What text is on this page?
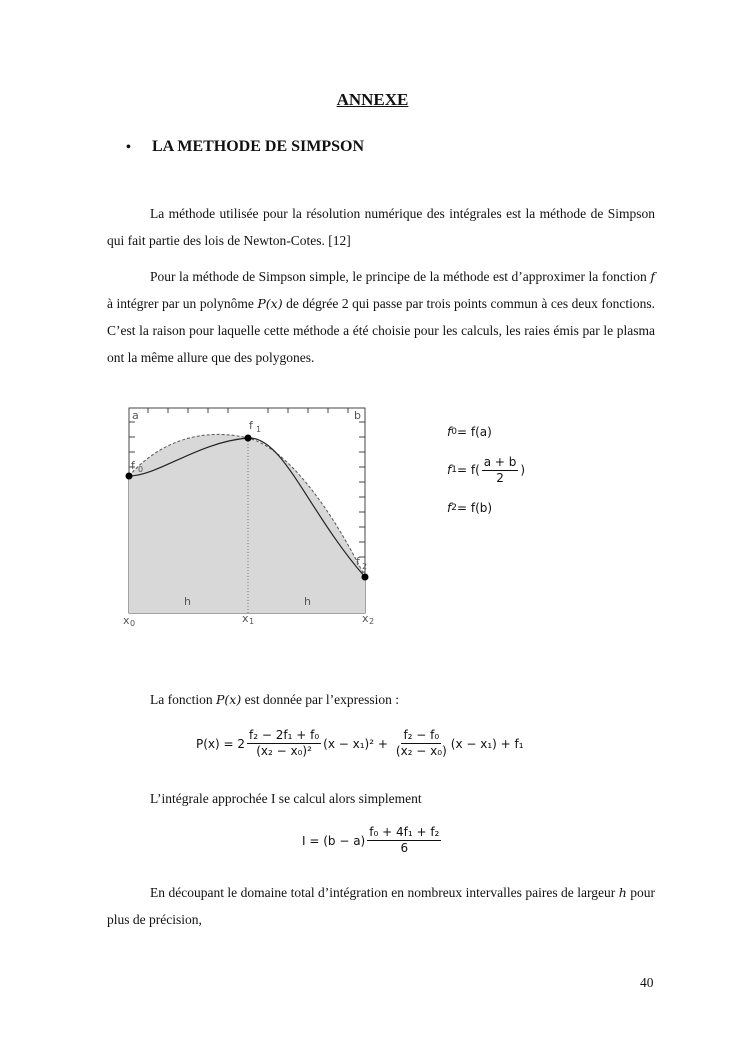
ANNEXE
• LA METHODE DE SIMPSON
La méthode utilisée pour la résolution numérique des intégrales est la méthode de Simpson qui fait partie des lois de Newton-Cotes. [12]
Pour la méthode de Simpson simple, le principe de la méthode est d’approximer la fonction f à intégrer par un polynôme P(x) de dégrée 2 qui passe par trois points commun à ces deux fonctions. C’est la raison pour laquelle cette méthode a été choisie pour les calculs, les raies émis par le plasma ont la même allure que des polygones.
a	b
f 1
f 0
f 2
h	h
x 0	x 1	x 2
f 0 = f(a)
f $1 = f( \frac{a + b}{2}$ )
f 2 = f(b)
La fonction P(x) est donnée par l’expression :
$P(x) = 2 \frac{\text{f₂ − 2f₁ + f₀}}{\text{(x₂ − x₀)²}} (x - x_1)^2 + \frac{\text{f₂ − f₀}}{\text{(x₂ − x₀)}} (x - x_1) + f_1$
L’intégrale approchée I se calcul alors simplement
$I = (b - a) \frac{\text{f₀ + 4f₁ + f₂}}{6}$
En découpant le domaine total d’intégration en nombreux intervalles paires de largeur h pour plus de précision,
40
